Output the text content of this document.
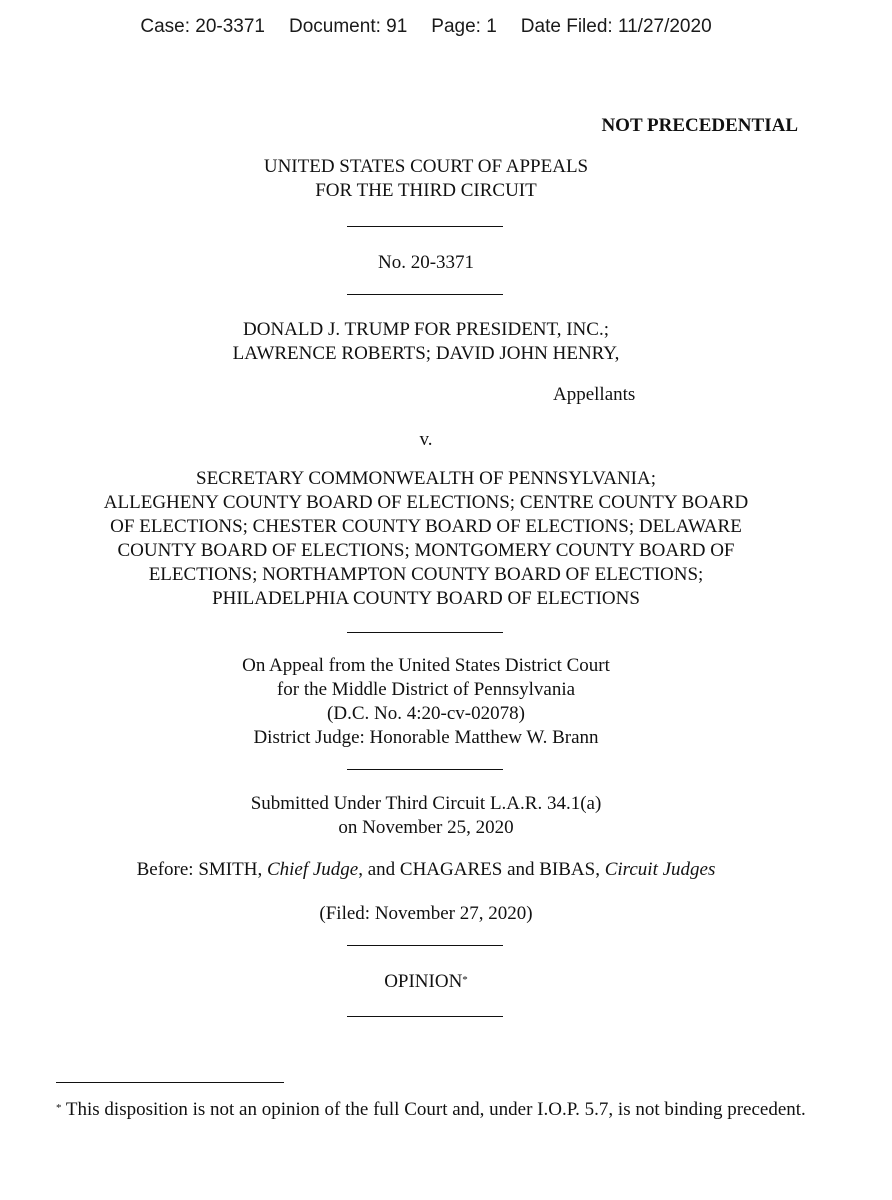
Case: 20-3371 Document: 91 Page: 1 Date Filed: 11/27/2020
NOT PRECEDENTIAL
UNITED STATES COURT OF APPEALS
FOR THE THIRD CIRCUIT
No. 20-3371
DONALD J. TRUMP FOR PRESIDENT, INC.;
LAWRENCE ROBERTS; DAVID JOHN HENRY,
Appellants
v.
SECRETARY COMMONWEALTH OF PENNSYLVANIA;
ALLEGHENY COUNTY BOARD OF ELECTIONS; CENTRE COUNTY BOARD
OF ELECTIONS; CHESTER COUNTY BOARD OF ELECTIONS; DELAWARE
COUNTY BOARD OF ELECTIONS; MONTGOMERY COUNTY BOARD OF
ELECTIONS; NORTHAMPTON COUNTY BOARD OF ELECTIONS;
PHILADELPHIA COUNTY BOARD OF ELECTIONS
On Appeal from the United States District Court
for the Middle District of Pennsylvania
(D.C. No. 4:20-cv-02078)
District Judge: Honorable Matthew W. Brann
Submitted Under Third Circuit L.A.R. 34.1(a)
on November 25, 2020
Before: SMITH, Chief Judge, and CHAGARES and BIBAS, Circuit Judges
(Filed: November 27, 2020)
OPINION*
* This disposition is not an opinion of the full Court and, under I.O.P. 5.7, is not binding precedent.
